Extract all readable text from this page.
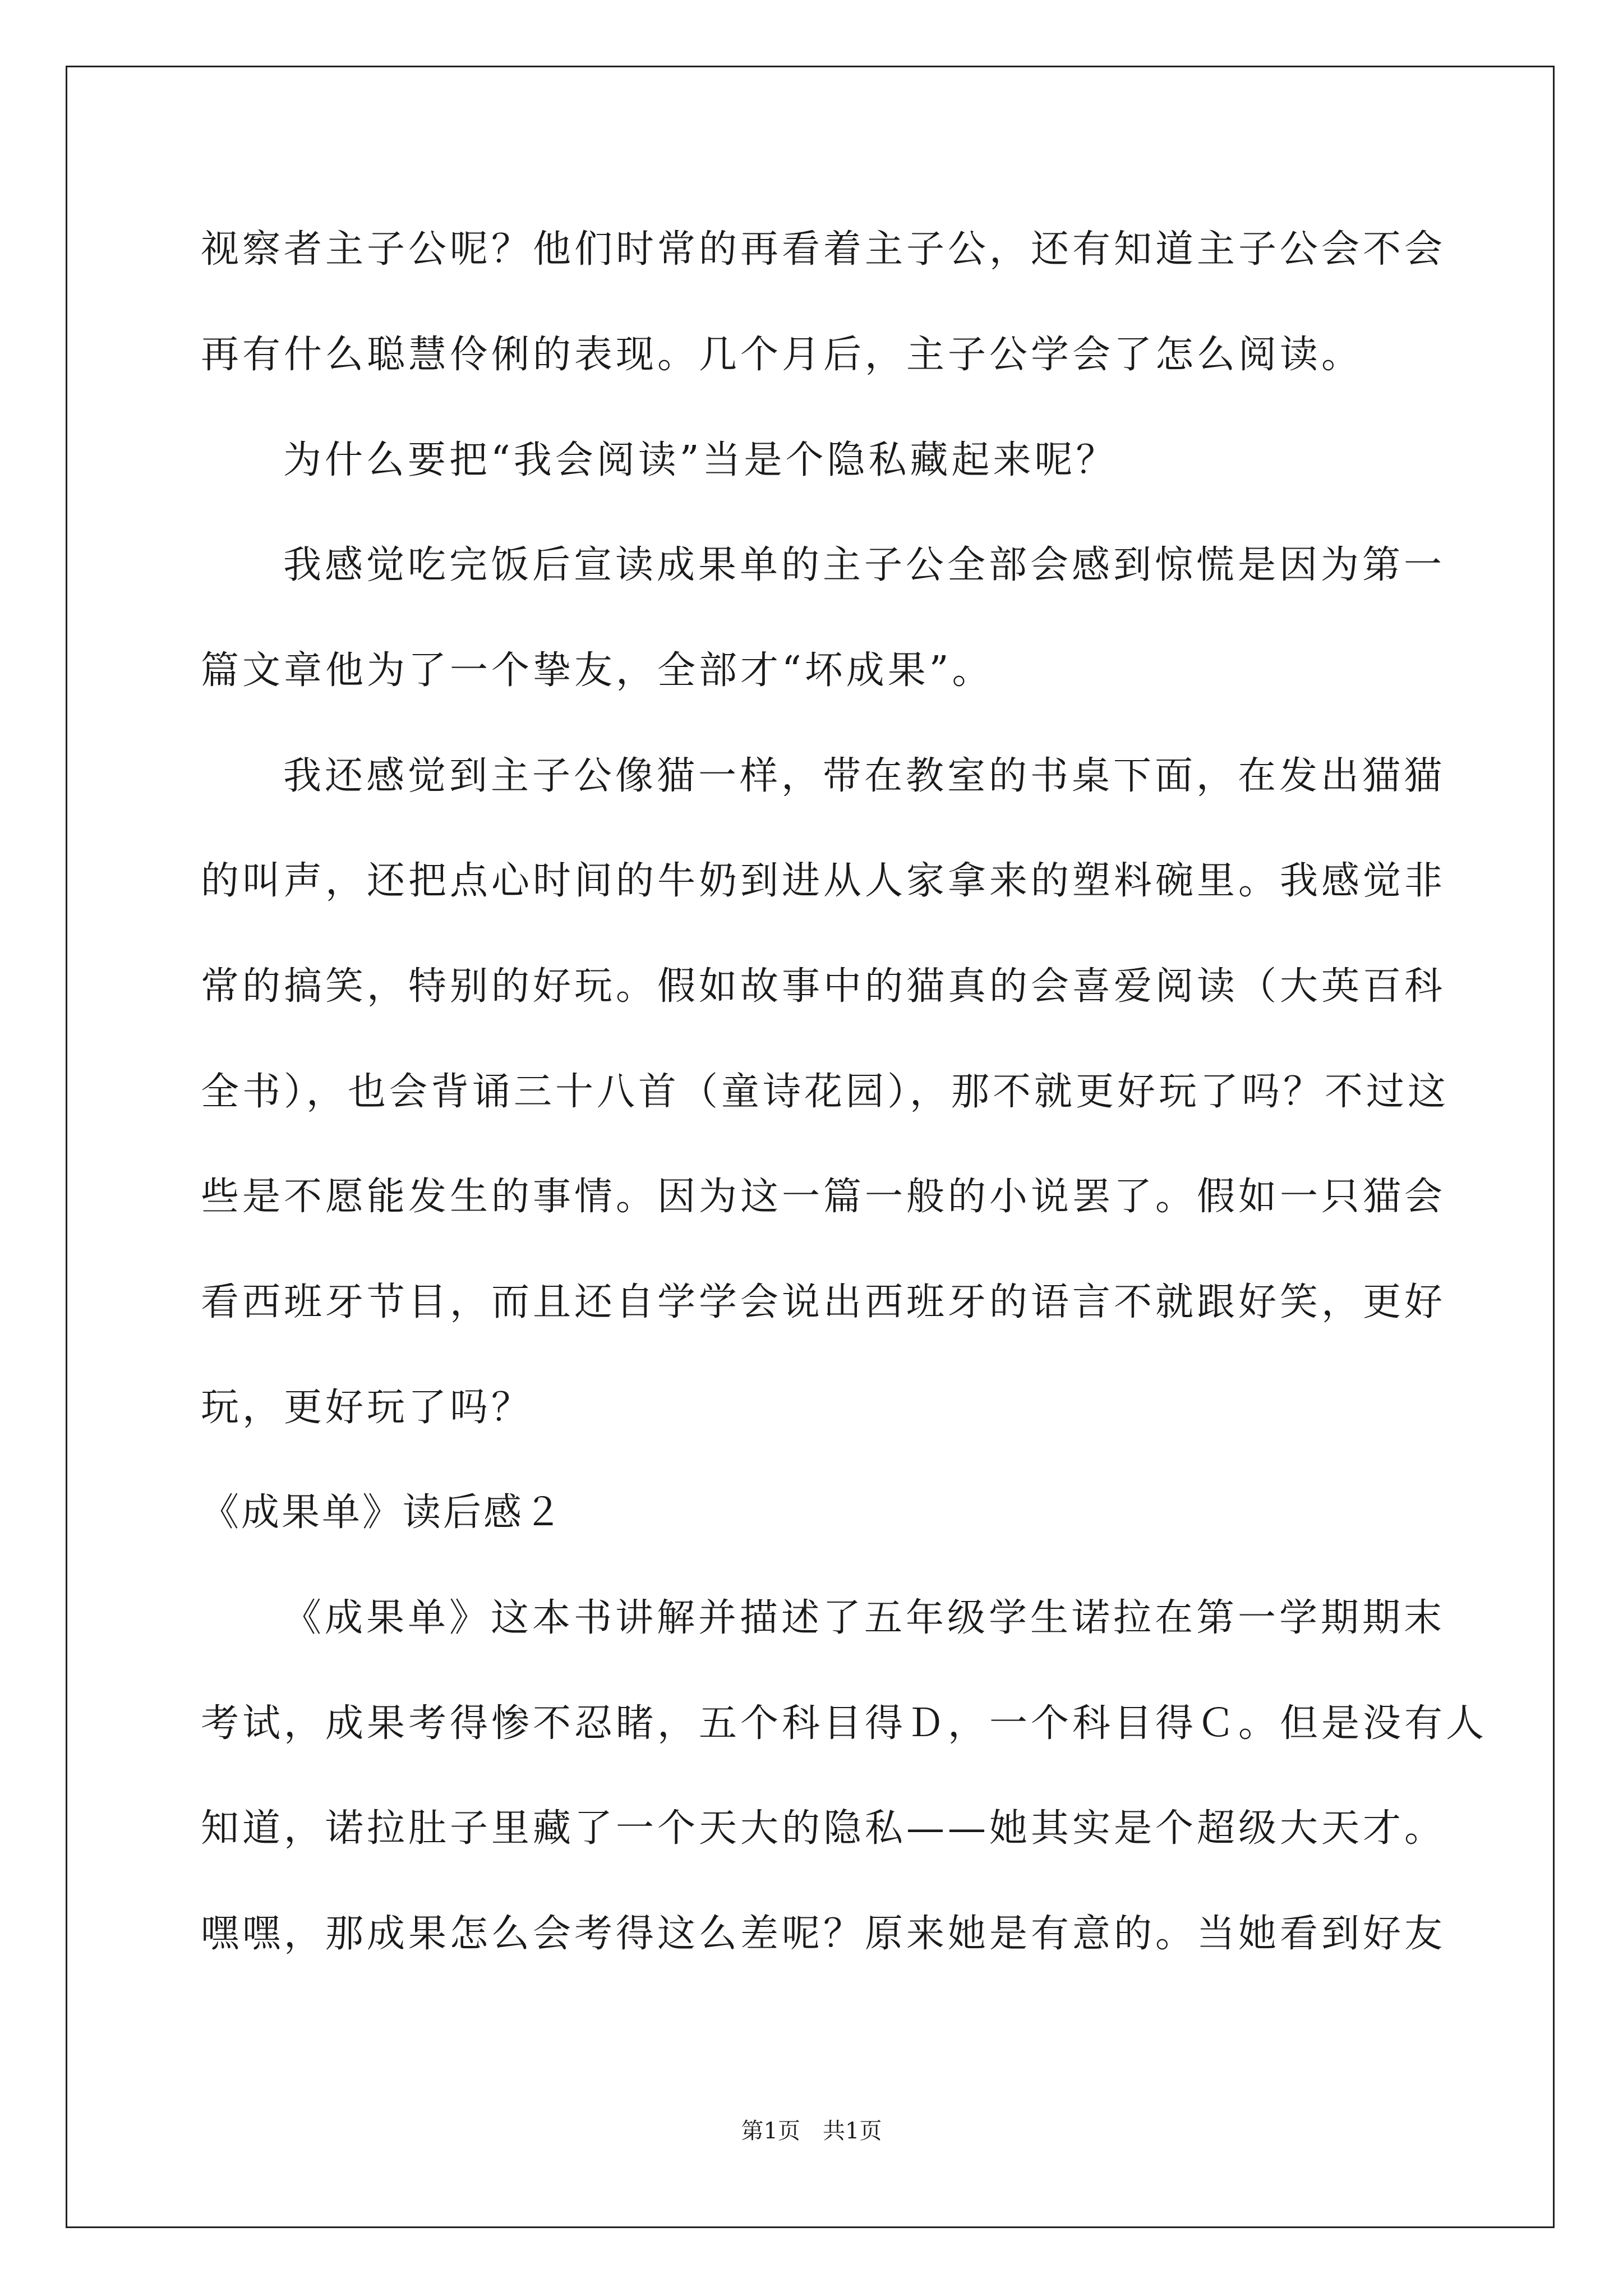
视察者主子公呢？他们时常的再看着主子公，还有知道主子公会不会
再有什么聪慧伶俐的表现。几个月后，主子公学会了怎么阅读。
为什么要把“我会阅读”当是个隐私藏起来呢？
我感觉吃完饭后宣读成果单的主子公全部会感到惊慌是因为第一
篇文章他为了一个挚友，全部才“坏成果”。
我还感觉到主子公像猫一样，带在教室的书桌下面，在发出猫猫
的叫声，还把点心时间的牛奶到进从人家拿来的塑料碗里。我感觉非
常的搞笑，特别的好玩。假如故事中的猫真的会喜爱阅读（大英百科
全书），也会背诵三十八首（童诗花园），那不就更好玩了吗？不过这
些是不愿能发生的事情。因为这一篇一般的小说罢了。假如一只猫会
看西班牙节目，而且还自学学会说出西班牙的语言不就跟好笑，更好
玩，更好玩了吗？
《成果单》读后感２
《成果单》这本书讲解并描述了五年级学生诺拉在第一学期期末
考试，成果考得惨不忍睹，五个科目得Ｄ，一个科目得Ｃ。但是没有人
知道，诺拉肚子里藏了一个天大的隐私——她其实是个超级大天才。
嘿嘿，那成果怎么会考得这么差呢？原来她是有意的。当她看到好友
第1页　共1页
